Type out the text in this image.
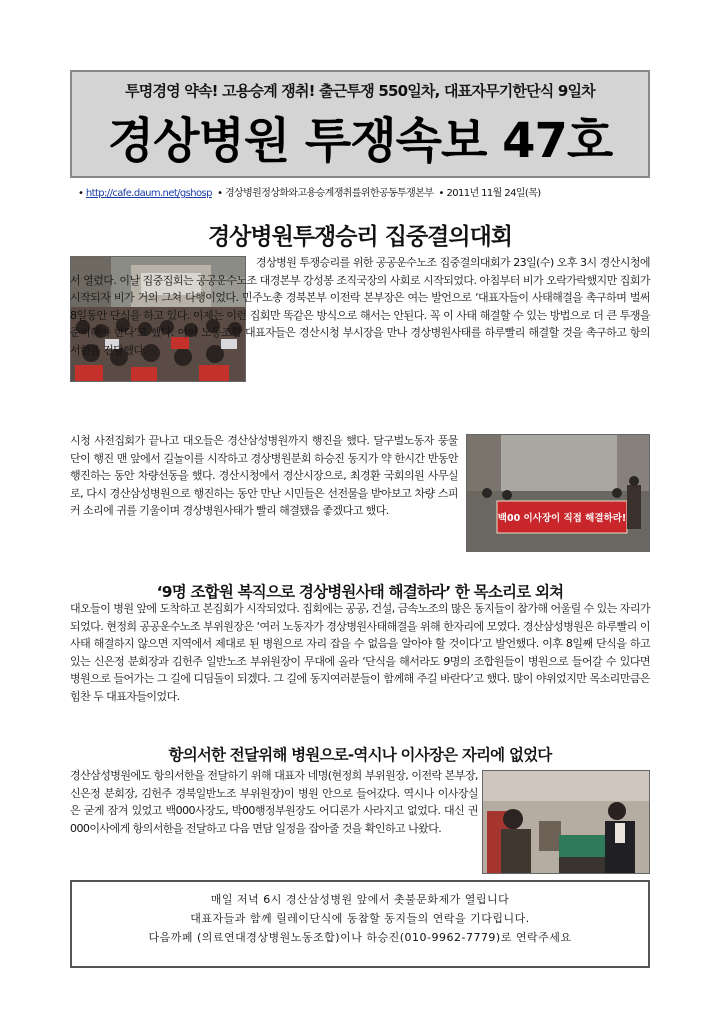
투명경영 약속! 고용승계 쟁취! 출근투쟁 550일차, 대표자무기한단식 9일차
경상병원 투쟁속보 47호
• http://cafe.daum.net/gshosp • 경상병원정상화와고용승계쟁취를위한공동투쟁본부 • 2011년 11월 24일(목)
경상병원투쟁승리 집중결의대회

경상병원 투쟁승리를 위한 공공운수노조 집중결의대회가 23일(수) 오후 3시 경산시청에서 열렸다. 이날 집중집회는 공공운수노조 대경본부 강성봉 조직국장의 사회로 시작되었다. 아침부터 비가 오락가락했지만 집회가 시작되자 비가 거의 그쳐 다행이었다. 민주노총 경북본부 이전락 본부장은 여는 발언으로 ‘대표자들이 사태해결을 촉구하며 벌써 8일동안 단식을 하고 있다. 이제는 이런 집회만 똑같은 방식으로 해서는 안된다. 꼭 이 사태 해결할 수 있는 방법으로 더 큰 투쟁을 준비해야 한다’고 했다. 이어 노동조합 대표자들은 경산시청 부시장을 만나 경상병원사태를 하루빨리 해결할 것을 촉구하고 항의서한을 전달했다.

백00 이사장이 직접 해결하라!

시청 사전집회가 끝나고 대오들은 경산삼성병원까지 행진을 했다. 달구벌노동자 풍물단이 행진 맨 앞에서 길놀이를 시작하고 경상병원분회 하승진 동지가 약 한시간 반동안 행진하는 동안 차량선동을 했다. 경산시청에서 경산시장으로, 최경환 국회의원 사무실로, 다시 경산삼성병원으로 행진하는 동안 만난 시민들은 선전물을 받아보고 차량 스피커 소리에 귀를 기울이며 경상병원사태가 빨리 해결됐음 좋겠다고 했다.

‘9명 조합원 복직으로 경상병원사태 해결하라’ 한 목소리로 외쳐

대오들이 병원 앞에 도착하고 본집회가 시작되었다. 집회에는 공공, 건설, 금속노조의 많은 동지들이 참가해 어울릴 수 있는 자리가 되었다. 현정희 공공운수노조 부위원장은 ‘여러 노동자가 경상병원사태해결을 위해 한자리에 모였다. 경산삼성병원은 하루빨리 이 사태 해결하지 않으면 지역에서 제대로 된 병원으로 자리 잡을 수 없음을 알아야 할 것이다’고 발언했다. 이후 8일째 단식을 하고 있는 신은정 분회장과 김헌주 일반노조 부위원장이 무대에 올라 ‘단식을 해서라도 9명의 조합원들이 병원으로 들어갈 수 있다면 병원으로 들어가는 그 길에 디딤돌이 되겠다. 그 길에 동지여러분들이 함께해 주길 바란다’고 했다. 많이 야위었지만 목소리만큼은 힘찬 두 대표자들이었다.

항의서한 전달위해 병원으로-역시나 이사장은 자리에 없었다

경산삼성병원에도 항의서한을 전달하기 위해 대표자 네명(현정희 부위원장, 이전락 본부장, 신은정 분회장, 김헌주 경북일반노조 부위원장)이 병원 안으로 들어갔다. 역시나 이사장실은 굳게 잠겨 있었고 백000사장도, 박00행정부원장도 어디론가 사라지고 없었다. 대신 권000이사에게 항의서한을 전달하고 다음 면담 일정을 잡아줄 것을 확인하고 나왔다.

매일 저녁 6시 경산삼성병원 앞에서 촛불문화제가 열립니다
대표자들과 함께 릴레이단식에 동참할 동지들의 연락을 기다립니다.
다음까페 (의료연대경상병원노동조합)이나 하승진(010-9962-7779)로 연락주세요
